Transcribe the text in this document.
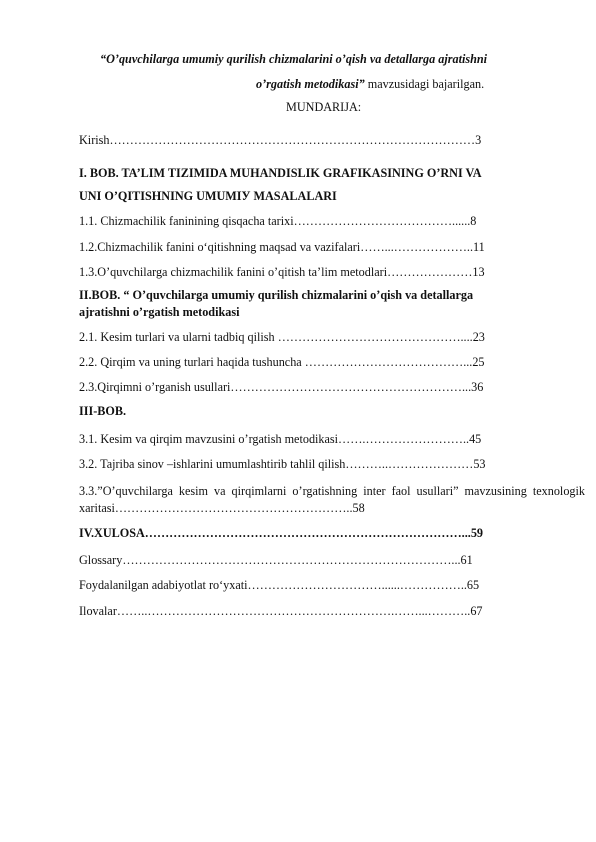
“O’quvchilarga umumiy qurilish chizmalarini o’qish va detallarga ajratishni
o’rgatish metodikasi” mavzusidagi bajarilgan.
MUNDARIJA:
Kirish………………………………………………………………………………3
I. BOB. TA’LIM TIZIMIDA MUHANDISLIK GRAFIKASINING O’RNI VA
UNI O’QITISHNING UMUMIУ MASALALARI
1.1. Chizmachilik faninining qisqacha tarixi…………………………………......8
1.2.Chizmachilik fanini o‘qitishning maqsad va vazifalari……...………………..11
1.3.O’quvchilarga chizmachilik fanini o’qitish ta’lim metodlari…………………13
II.BOB. “ O’quvchilarga umumiy qurilish chizmalarini o’qish va detallarga
ajratishni o’rgatish metodikasi
2.1. Kesim turlari va ularni tadbiq qilish ………………………………………....23
2.2. Qirqim va uning turlari haqida tushuncha …………………………………...25
2.3.Qirqimni o’rganish usullari…………………………………………………...36
III-BOB.
3.1. Kesim va qirqim mavzusini o’rgatish metodikasi…….……………………..45
3.2. Tajriba sinov –ishlarini umumlashtirib tahlil qilish………..…………………53
3.3.”O’quvchilarga kesim va qirqimlarni o’rgatishning inter faol usullari” mavzusining texnologik xaritasi…………………………………………………..58
IV.XULOSA……………………………………………………………………...59
Glossary………………………………………………………………………...61
Foydalanilgan adabiyotlat ro‘yxati……………………………......……………..65
Ilovalar……..…………………………………………………….……...………..67
